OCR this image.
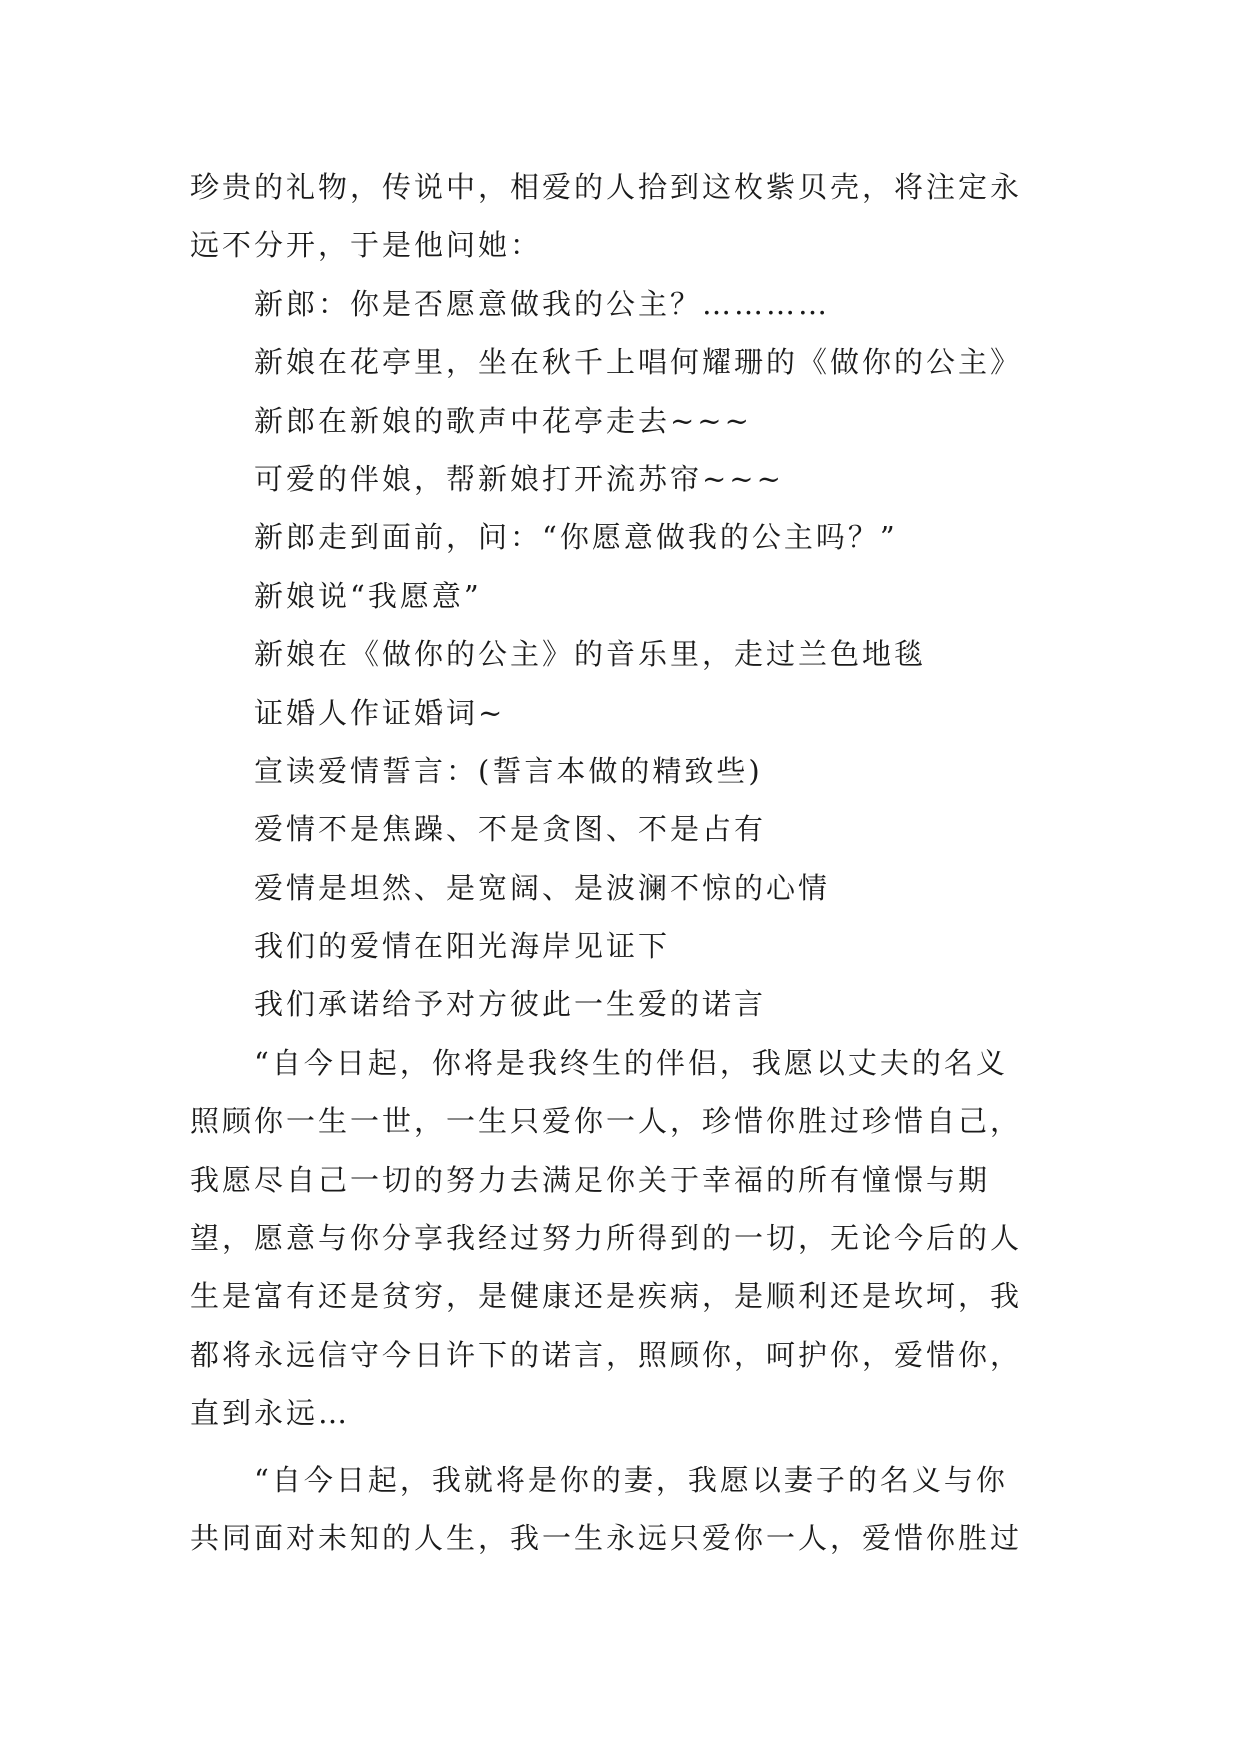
珍贵的礼物，传说中，相爱的人拾到这枚紫贝壳，将注定永
远不分开，于是他问她：
新郎：你是否愿意做我的公主？…………
新娘在花亭里，坐在秋千上唱何耀珊的《做你的公主》
新郎在新娘的歌声中花亭走去~~~
可爱的伴娘，帮新娘打开流苏帘~~~
新郎走到面前，问：“你愿意做我的公主吗？”
新娘说“我愿意”
新娘在《做你的公主》的音乐里，走过兰色地毯
证婚人作证婚词~
宣读爱情誓言：(誓言本做的精致些)
爱情不是焦躁、不是贪图、不是占有
爱情是坦然、是宽阔、是波澜不惊的心情
我们的爱情在阳光海岸见证下
我们承诺给予对方彼此一生爱的诺言
“自今日起，你将是我终生的伴侣，我愿以丈夫的名义
照顾你一生一世，一生只爱你一人，珍惜你胜过珍惜自己，
我愿尽自己一切的努力去满足你关于幸福的所有憧憬与期
望，愿意与你分享我经过努力所得到的一切，无论今后的人
生是富有还是贫穷，是健康还是疾病，是顺利还是坎坷，我
都将永远信守今日许下的诺言，照顾你，呵护你，爱惜你，
直到永远…
“自今日起，我就将是你的妻，我愿以妻子的名义与你
共同面对未知的人生，我一生永远只爱你一人，爱惜你胜过
